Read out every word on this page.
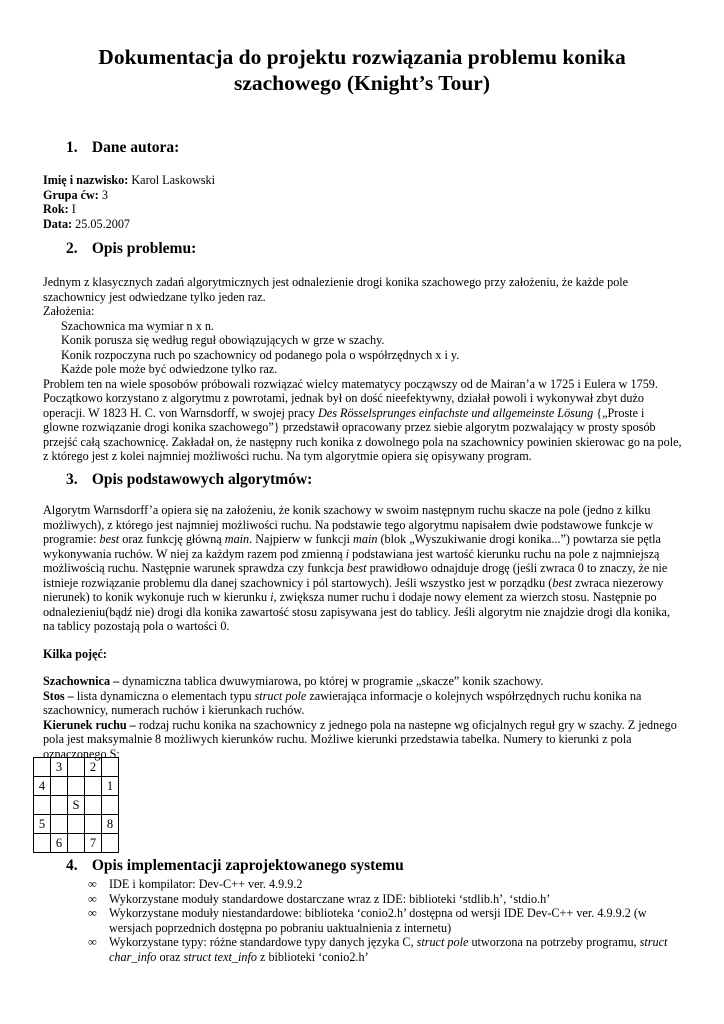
Dokumentacja do projektu rozwiązania problemu konika szachowego (Knight’s Tour)
1. Dane autora:

Imię i nazwisko: Karol Laskowski

Grupa ćw: 3

Rok: I

Data: 25.05.2007

2. Opis problemu:

Jednym z klasycznych zadań algorytmicznych jest odnalezienie drogi konika szachowego przy założeniu, że każde pole szachownicy jest odwiedzane tylko jeden raz.

Założenia:

Szachownica ma wymiar n x n.

Konik porusza się według reguł obowiązujących w grze w szachy.

Konik rozpoczyna ruch po szachownicy od podanego pola o współrzędnych x i y.

Każde pole może być odwiedzone tylko raz.

Problem ten na wiele sposobów próbowali rozwiązać wielcy matematycy począwszy od de Mairan’a w 1725 i Eulera w 1759. Początkowo korzystano z algorytmu z powrotami, jednak był on dość nieefektywny, działał powoli i wykonywał zbyt dużo operacji. W 1823 H. C. von Warnsdorff, w swojej pracy Des Rösselsprunges einfachste und allgemeinste Lösung {„Proste i glowne rozwiązanie drogi konika szachowego”} przedstawił opracowany przez siebie algorytm pozwalający w prosty sposób przejść całą szachownicę. Zakładał on, że następny ruch konika z dowolnego pola na szachownicy powinien skierowac go na pole, z którego jest z kolei najmniej możliwości ruchu. Na tym algorytmie opiera się opisywany program.

3. Opis podstawowych algorytmów:

Algorytm Warnsdorff’a opiera się na założeniu, że konik szachowy w swoim następnym ruchu skacze na pole (jedno z kilku możliwych), z którego jest najmniej możliwości ruchu. Na podstawie tego algorytmu napisałem dwie podstawowe funkcje w programie: best oraz funkcję główną main. Najpierw w funkcji main (blok „Wyszukiwanie drogi konika...”) powtarza sie pętla wykonywania ruchów. W niej za każdym razem pod zmienną i podstawiana jest wartość kierunku ruchu na pole z najmniejszą możliwością ruchu. Następnie warunek sprawdza czy funkcja best prawidłowo odnajduje drogę (jeśli zwraca 0 to znaczy, że nie istnieje rozwiązanie problemu dla danej szachownicy i pól startowych). Jeśli wszystko jest w porządku (best zwraca niezerowy nierunek) to konik wykonuje ruch w kierunku i, zwiększa numer ruchu i dodaje nowy element za wierzch stosu. Następnie po odnalezieniu(bądź nie) drogi dla konika zawartość stosu zapisywana jest do tablicy. Jeśli algorytm nie znajdzie drogi dla konika, na tablicy pozostają pola o wartości 0.

Kilka pojęć:

Szachownica – dynamiczna tablica dwuwymiarowa, po której w programie „skacze” konik szachowy.

Stos – lista dynamiczna o elementach typu struct pole zawierająca informacje o kolejnych współrzędnych ruchu konika na szachownicy, numerach ruchów i kierunkach ruchów.

Kierunek ruchu – rodzaj ruchu konika na szachownicy z jednego pola na nastepne wg oficjalnych reguł gry w szachy. Z jednego pola jest maksymalnie 8 możliwych kierunków ruchu. Możliwe kierunki przedstawia tabelka. Numery to kierunki z pola oznaczonego S:

	3		2	
4				1
		S		
5				8
	6		7	
4. Opis implementacji zaprojektowanego systemu

∞ IDE i kompilator: Dev-C++ ver. 4.9.9.2

∞ Wykorzystane moduły standardowe dostarczane wraz z IDE: biblioteki ‘stdlib.h’, ‘stdio.h’

∞ Wykorzystane moduły niestandardowe: biblioteka ‘conio2.h’ dostępna od wersji IDE Dev-C++ ver. 4.9.9.2 (w wersjach poprzednich dostępna po pobraniu uaktualnienia z internetu)

∞ Wykorzystane typy: różne standardowe typy danych języka C, struct pole utworzona na potrzeby programu, struct char_info oraz struct text_info z biblioteki ‘conio2.h’
